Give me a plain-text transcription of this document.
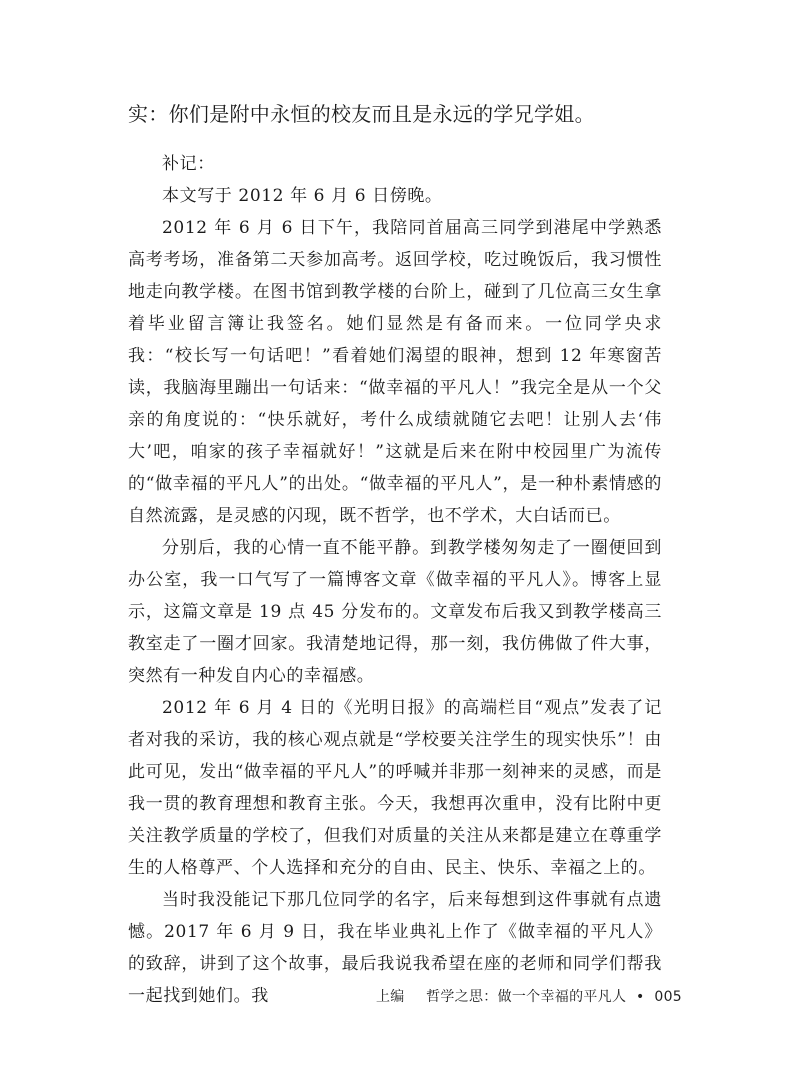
实：你们是附中永恒的校友而且是永远的学兄学姐。

补记：

本文写于 2012 年 6 月 6 日傍晚。

2012 年 6 月 6 日下午，我陪同首届高三同学到港尾中学熟悉高考考场，准备第二天参加高考。返回学校，吃过晚饭后，我习惯性地走向教学楼。在图书馆到教学楼的台阶上，碰到了几位高三女生拿着毕业留言簿让我签名。她们显然是有备而来。一位同学央求我：“校长写一句话吧！”看着她们渴望的眼神，想到 12 年寒窗苦读，我脑海里蹦出一句话来：“做幸福的平凡人！”我完全是从一个父亲的角度说的：“快乐就好，考什么成绩就随它去吧！让别人去‘伟大’吧，咱家的孩子幸福就好！”这就是后来在附中校园里广为流传的“做幸福的平凡人”的出处。“做幸福的平凡人”，是一种朴素情感的自然流露，是灵感的闪现，既不哲学，也不学术，大白话而已。

分别后，我的心情一直不能平静。到教学楼匆匆走了一圈便回到办公室，我一口气写了一篇博客文章《做幸福的平凡人》。博客上显示，这篇文章是 19 点 45 分发布的。文章发布后我又到教学楼高三教室走了一圈才回家。我清楚地记得，那一刻，我仿佛做了件大事，突然有一种发自内心的幸福感。

2012 年 6 月 4 日的《光明日报》的高端栏目“观点”发表了记者对我的采访，我的核心观点就是“学校要关注学生的现实快乐”！由此可见，发出“做幸福的平凡人”的呼喊并非那一刻神来的灵感，而是我一贯的教育理想和教育主张。今天，我想再次重申，没有比附中更关注教学质量的学校了，但我们对质量的关注从来都是建立在尊重学生的人格尊严、个人选择和充分的自由、民主、快乐、幸福之上的。

当时我没能记下那几位同学的名字，后来每想到这件事就有点遗憾。2017 年 6 月 9 日，我在毕业典礼上作了《做幸福的平凡人》的致辞，讲到了这个故事，最后我说我希望在座的老师和同学们帮我一起找到她们。我	上编 哲学之思：做一个幸福的平凡人 • 005
